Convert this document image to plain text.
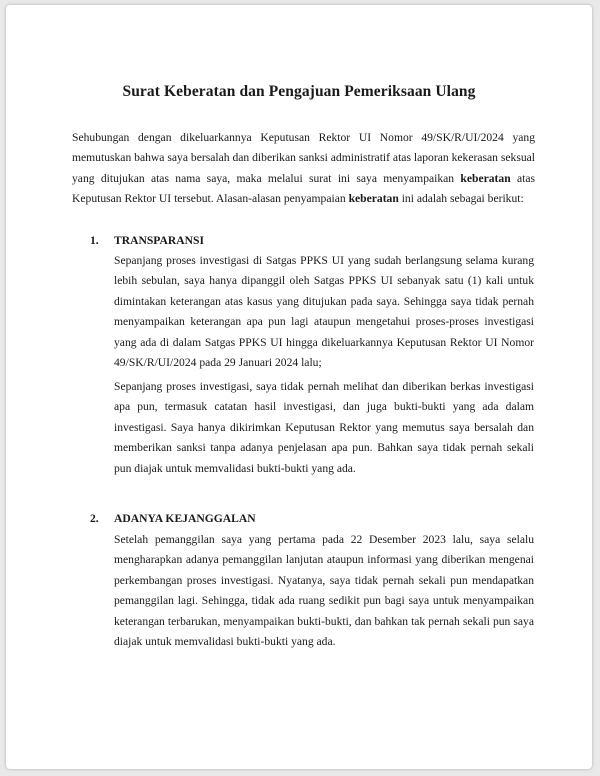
Surat Keberatan dan Pengajuan Pemeriksaan Ulang
Sehubungan dengan dikeluarkannya Keputusan Rektor UI Nomor 49/SK/R/UI/2024 yang memutuskan bahwa saya bersalah dan diberikan sanksi administratif atas laporan kekerasan seksual yang ditujukan atas nama saya, maka melalui surat ini saya menyampaikan keberatan atas Keputusan Rektor UI tersebut. Alasan-alasan penyampaian keberatan ini adalah sebagai berikut:
1. TRANSPARANSI
Sepanjang proses investigasi di Satgas PPKS UI yang sudah berlangsung selama kurang lebih sebulan, saya hanya dipanggil oleh Satgas PPKS UI sebanyak satu (1) kali untuk dimintakan keterangan atas kasus yang ditujukan pada saya. Sehingga saya tidak pernah menyampaikan keterangan apa pun lagi ataupun mengetahui proses-proses investigasi yang ada di dalam Satgas PPKS UI hingga dikeluarkannya Keputusan Rektor UI Nomor 49/SK/R/UI/2024 pada 29 Januari 2024 lalu;
Sepanjang proses investigasi, saya tidak pernah melihat dan diberikan berkas investigasi apa pun, termasuk catatan hasil investigasi, dan juga bukti-bukti yang ada dalam investigasi. Saya hanya dikirimkan Keputusan Rektor yang memutus saya bersalah dan memberikan sanksi tanpa adanya penjelasan apa pun. Bahkan saya tidak pernah sekali pun diajak untuk memvalidasi bukti-bukti yang ada.
2. ADANYA KEJANGGALAN
Setelah pemanggilan saya yang pertama pada 22 Desember 2023 lalu, saya selalu mengharapkan adanya pemanggilan lanjutan ataupun informasi yang diberikan mengenai perkembangan proses investigasi. Nyatanya, saya tidak pernah sekali pun mendapatkan pemanggilan lagi. Sehingga, tidak ada ruang sedikit pun bagi saya untuk menyampaikan keterangan terbarukan, menyampaikan bukti-bukti, dan bahkan tak pernah sekali pun saya diajak untuk memvalidasi bukti-bukti yang ada.
